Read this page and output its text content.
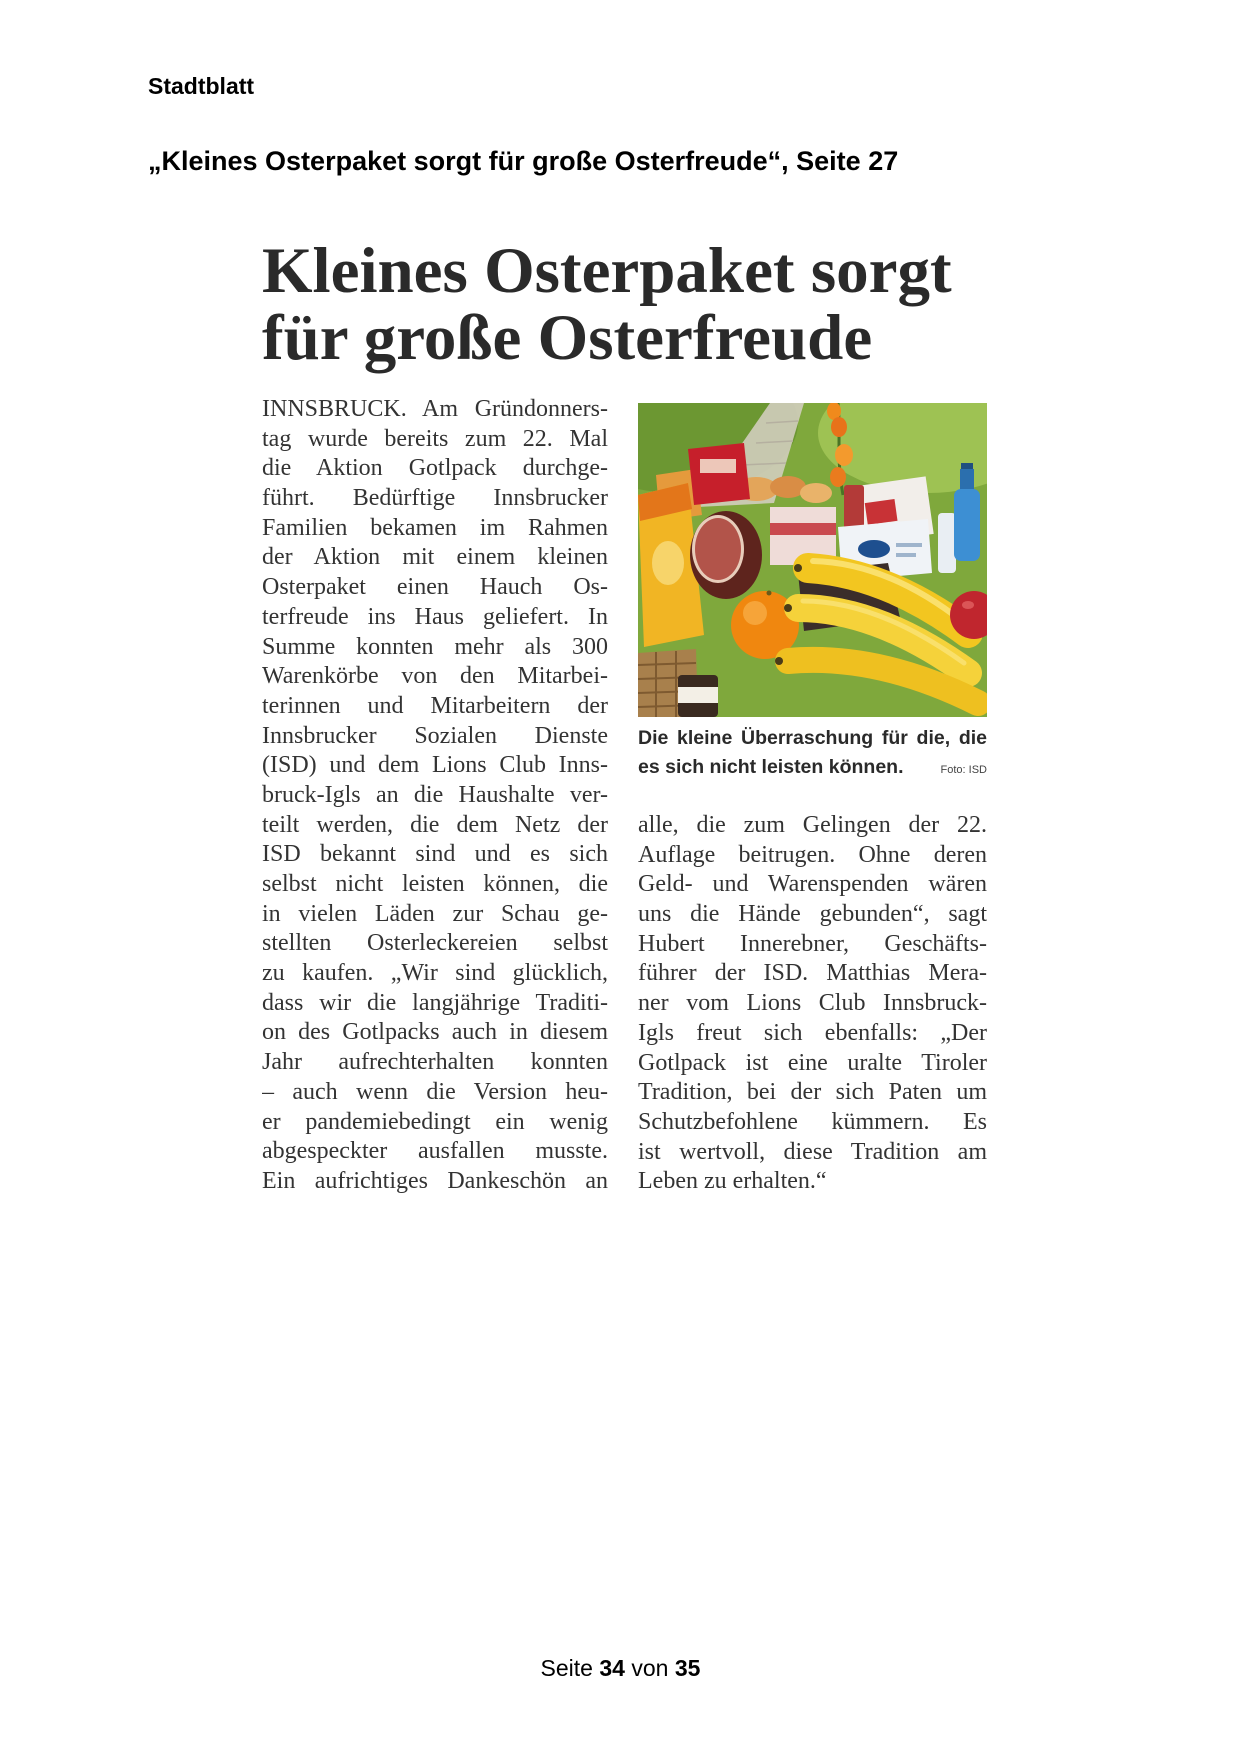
Stadtblatt
„Kleines Osterpaket sorgt für große Osterfreude“, Seite 27
Kleines Osterpaket sorgt
für große Osterfreude
INNSBRUCK. Am Gründonners-
tag wurde bereits zum 22. Mal
die Aktion Gotlpack durchge-
führt. Bedürftige Innsbrucker
Familien bekamen im Rahmen
der Aktion mit einem kleinen
Osterpaket einen Hauch Os-
terfreude ins Haus geliefert. In
Summe konnten mehr als 300
Warenkörbe von den Mitarbei-
terinnen und Mitarbeitern der
Innsbrucker Sozialen Dienste
(ISD) und dem Lions Club Inns-
bruck-Igls an die Haushalte ver-
teilt werden, die dem Netz der
ISD bekannt sind und es sich
selbst nicht leisten können, die
in vielen Läden zur Schau ge-
stellten Osterleckereien selbst
zu kaufen. „Wir sind glücklich,
dass wir die langjährige Traditi-
on des Gotlpacks auch in diesem
Jahr aufrechterhalten konnten
– auch wenn die Version heu-
er pandemiebedingt ein wenig
abgespeckter ausfallen musste.
Ein aufrichtiges Dankeschön an
Die kleine Überraschung für die, die
es sich nicht leisten können.	Foto: ISD
alle, die zum Gelingen der 22.
Auflage beitrugen. Ohne deren
Geld- und Warenspenden wären
uns die Hände gebunden“, sagt
Hubert Innerebner, Geschäfts-
führer der ISD. Matthias Mera-
ner vom Lions Club Innsbruck-
Igls freut sich ebenfalls: „Der
Gotlpack ist eine uralte Tiroler
Tradition, bei der sich Paten um
Schutzbefohlene kümmern. Es
ist wertvoll, diese Tradition am
Leben zu erhalten.“
Seite 34 von 35
